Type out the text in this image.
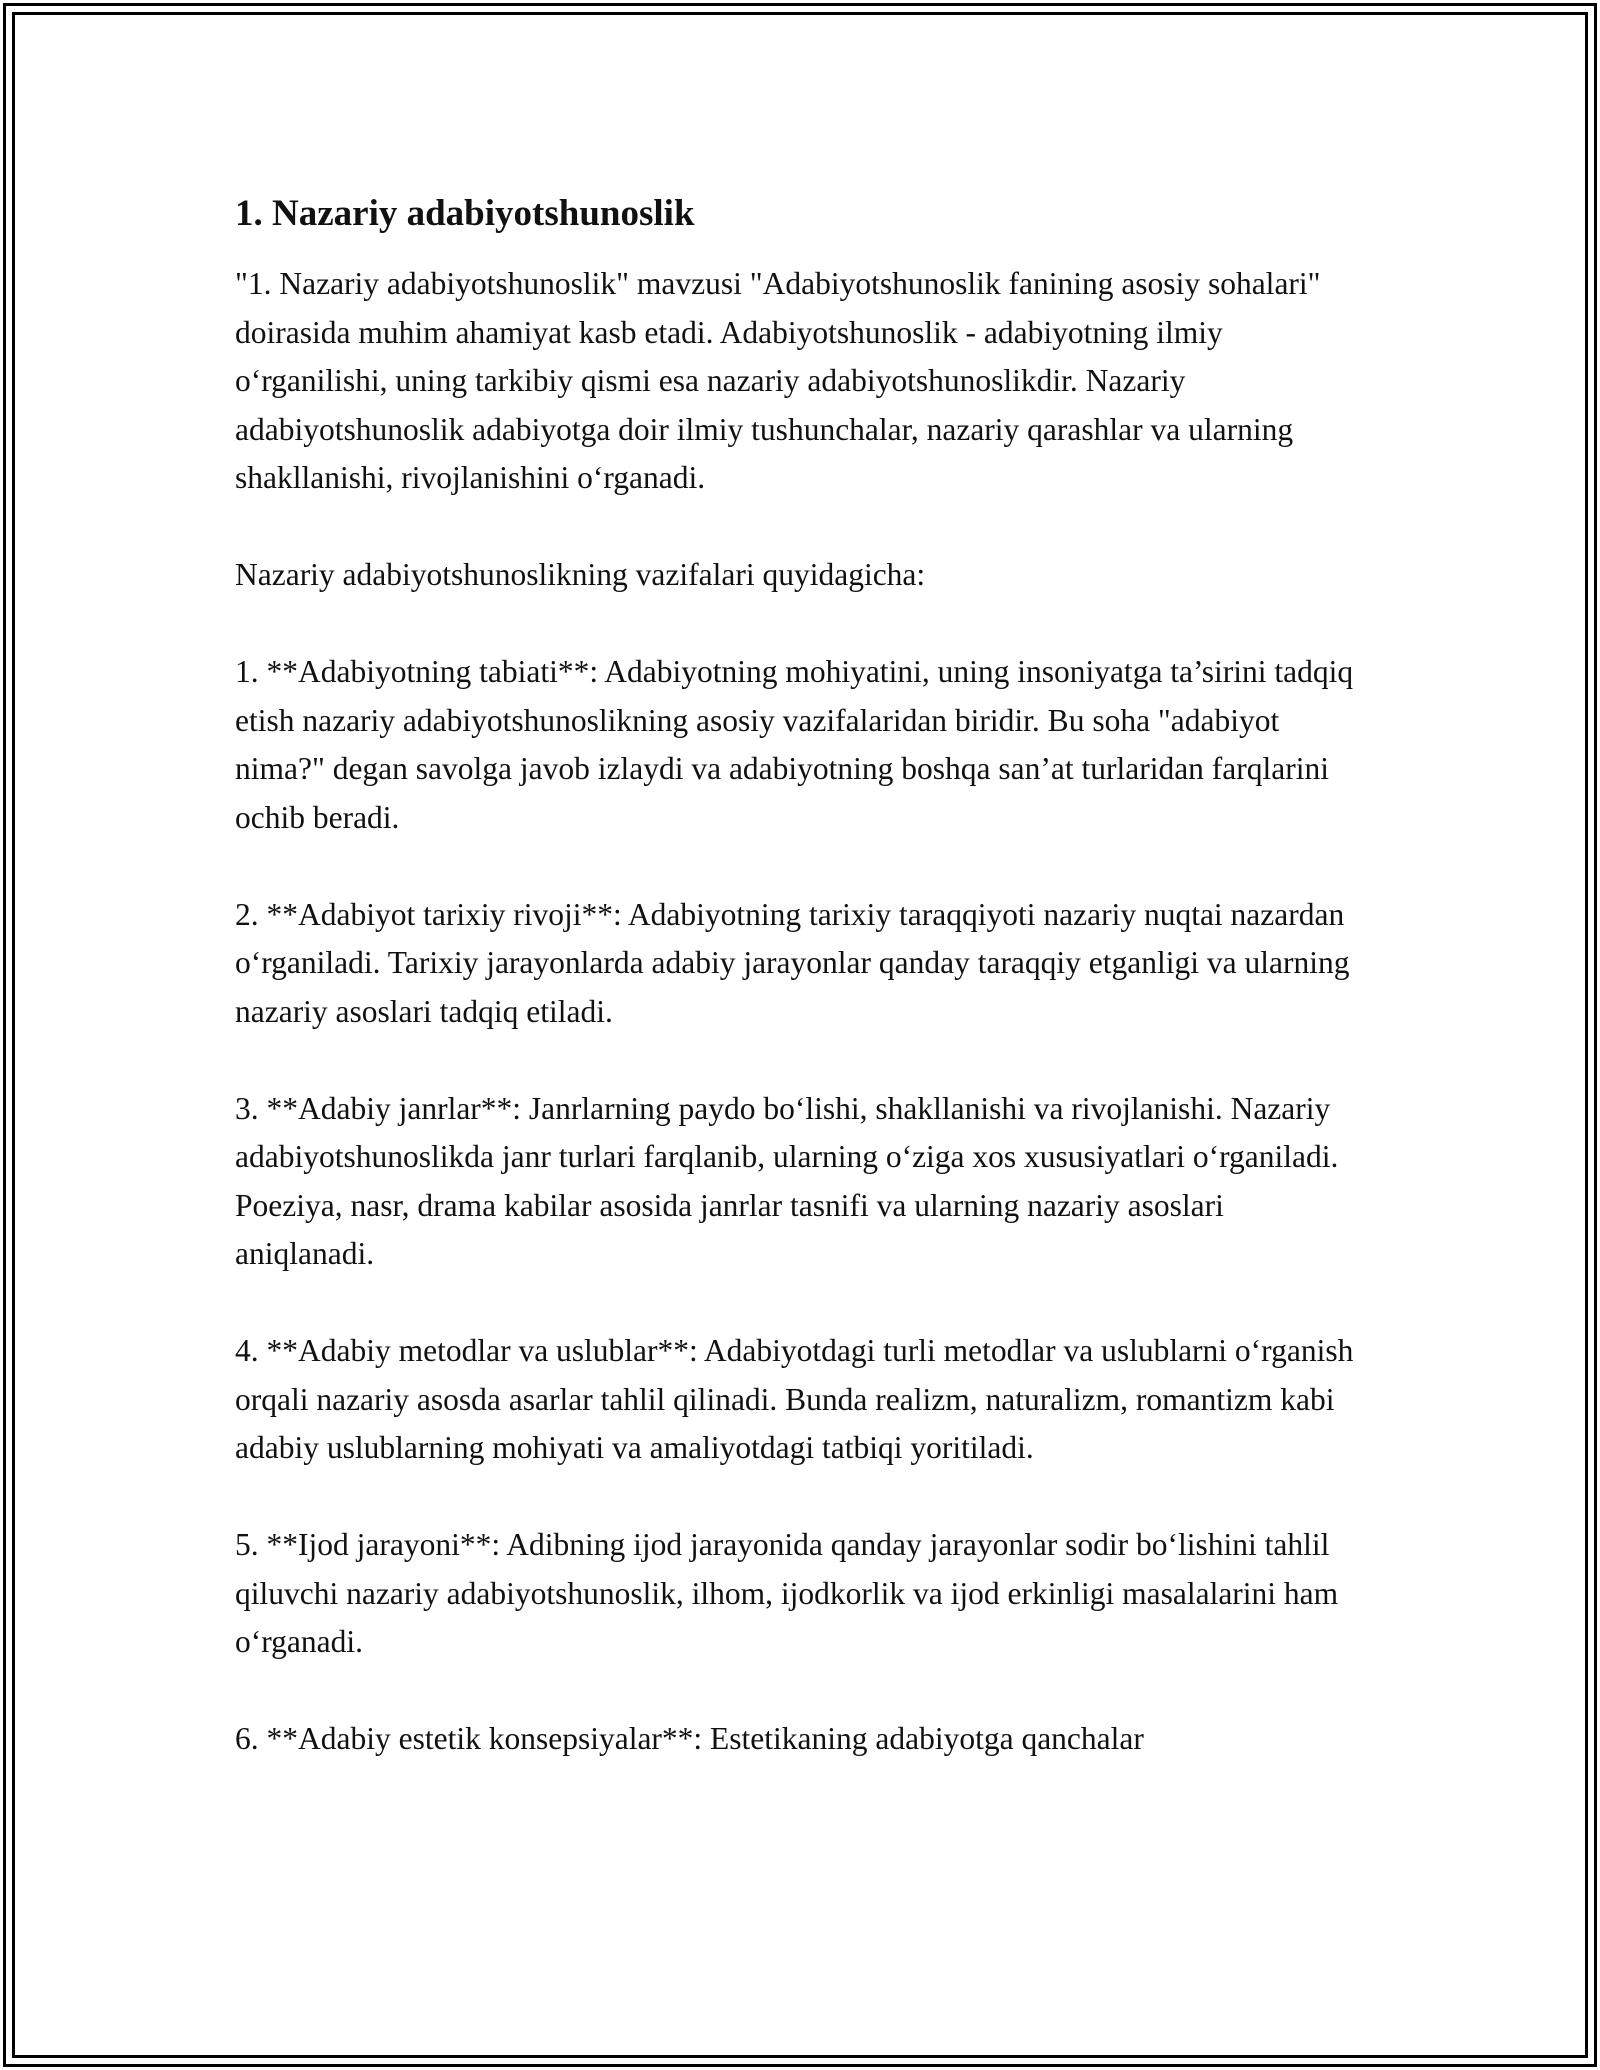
1. Nazariy adabiyotshunoslik

"1. Nazariy adabiyotshunoslik" mavzusi "Adabiyotshunoslik fanining asosiy sohalari" doirasida muhim ahamiyat kasb etadi. Adabiyotshunoslik - adabiyotning ilmiy o‘rganilishi, uning tarkibiy qismi esa nazariy adabiyotshunoslikdir. Nazariy adabiyotshunoslik adabiyotga doir ilmiy tushunchalar, nazariy qarashlar va ularning shakllanishi, rivojlanishini o‘rganadi.

Nazariy adabiyotshunoslikning vazifalari quyidagicha:

1. **Adabiyotning tabiati**: Adabiyotning mohiyatini, uning insoniyatga ta’sirini tadqiq etish nazariy adabiyotshunoslikning asosiy vazifalaridan biridir. Bu soha "adabiyot nima?" degan savolga javob izlaydi va adabiyotning boshqa san’at turlaridan farqlarini ochib beradi.

2. **Adabiyot tarixiy rivoji**: Adabiyotning tarixiy taraqqiyoti nazariy nuqtai nazardan o‘rganiladi. Tarixiy jarayonlarda adabiy jarayonlar qanday taraqqiy etganligi va ularning nazariy asoslari tadqiq etiladi.

3. **Adabiy janrlar**: Janrlarning paydo bo‘lishi, shakllanishi va rivojlanishi. Nazariy adabiyotshunoslikda janr turlari farqlanib, ularning o‘ziga xos xususiyatlari o‘rganiladi. Poeziya, nasr, drama kabilar asosida janrlar tasnifi va ularning nazariy asoslari aniqlanadi.

4. **Adabiy metodlar va uslublar**: Adabiyotdagi turli metodlar va uslublarni o‘rganish orqali nazariy asosda asarlar tahlil qilinadi. Bunda realizm, naturalizm, romantizm kabi adabiy uslublarning mohiyati va amaliyotdagi tatbiqi yoritiladi.

5. **Ijod jarayoni**: Adibning ijod jarayonida qanday jarayonlar sodir bo‘lishini tahlil qiluvchi nazariy adabiyotshunoslik, ilhom, ijodkorlik va ijod erkinligi masalalarini ham o‘rganadi.

6. **Adabiy estetik konsepsiyalar**: Estetikaning adabiyotga qanchalar
